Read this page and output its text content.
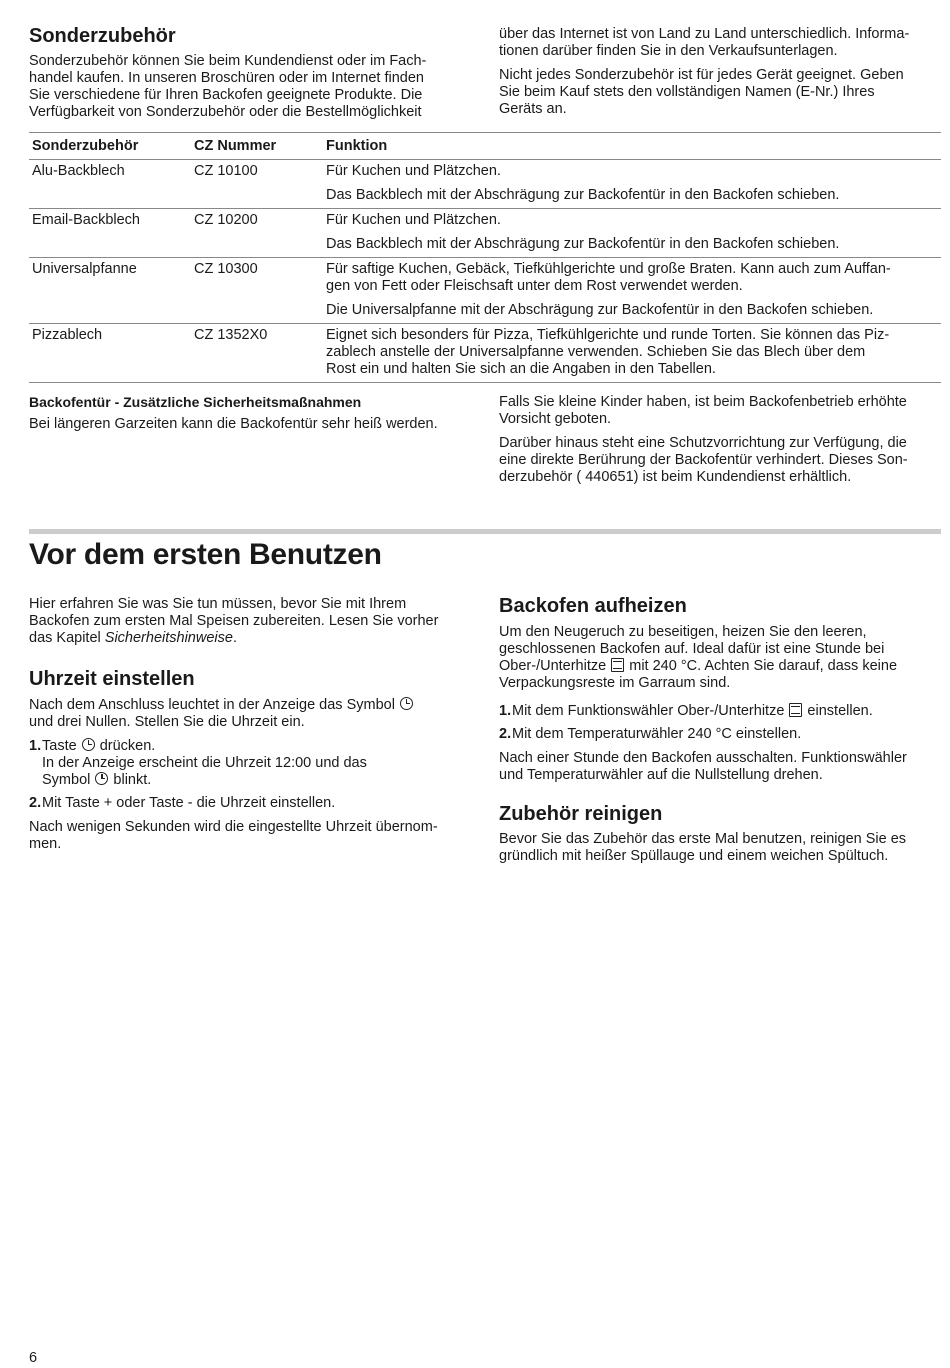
Sonderzubehör

Sonderzubehör können Sie beim Kundendienst oder im Fach-
handel kaufen. In unseren Broschüren oder im Internet finden
Sie verschiedene für Ihren Backofen geeignete Produkte. Die
Verfügbarkeit von Sonderzubehör oder die Bestellmöglichkeit

über das Internet ist von Land zu Land unterschiedlich. Informa-
tionen darüber finden Sie in den Verkaufsunterlagen.

Nicht jedes Sonderzubehör ist für jedes Gerät geeignet. Geben
Sie beim Kauf stets den vollständigen Namen (E-Nr.) Ihres
Geräts an.

Sonderzubehör	CZ Nummer	Funktion
Alu-Backblech	CZ 10100	Für Kuchen und Plätzchen.

Das Backblech mit der Abschrägung zur Backofentür in den Backofen schieben.

Email-Backblech	CZ 10200	Für Kuchen und Plätzchen.

Das Backblech mit der Abschrägung zur Backofentür in den Backofen schieben.

Universalpfanne	CZ 10300	Für saftige Kuchen, Gebäck, Tiefkühlgerichte und große Braten. Kann auch zum Auffan-
gen von Fett oder Fleischsaft unter dem Rost verwendet werden.

Die Universalpfanne mit der Abschrägung zur Backofentür in den Backofen schieben.

Pizzablech	CZ 1352X0	Eignet sich besonders für Pizza, Tiefkühlgerichte und runde Torten. Sie können das Piz-
zablech anstelle der Universalpfanne verwenden. Schieben Sie das Blech über dem
Rost ein und halten Sie sich an die Angaben in den Tabellen.

Backofentür - Zusätzliche Sicherheitsmaßnahmen

Bei längeren Garzeiten kann die Backofentür sehr heiß werden.

Falls Sie kleine Kinder haben, ist beim Backofenbetrieb erhöhte
Vorsicht geboten.

Darüber hinaus steht eine Schutzvorrichtung zur Verfügung, die
eine direkte Berührung der Backofentür verhindert. Dieses Son-
derzubehör ( 440651) ist beim Kundendienst erhältlich.

Vor dem ersten Benutzen

Hier erfahren Sie was Sie tun müssen, bevor Sie mit Ihrem
Backofen zum ersten Mal Speisen zubereiten. Lesen Sie vorher
das Kapitel Sicherheitshinweise.

Uhrzeit einstellen

Nach dem Anschluss leuchtet in der Anzeige das Symbol
und drei Nullen. Stellen Sie die Uhrzeit ein.

1. Taste  drücken.
In der Anzeige erscheint die Uhrzeit 12:00 und das
Symbol  blinkt.
2. Mit Taste + oder Taste - die Uhrzeit einstellen.

Nach wenigen Sekunden wird die eingestellte Uhrzeit übernom-
men.

Backofen aufheizen

Um den Neugeruch zu beseitigen, heizen Sie den leeren,
geschlossenen Backofen auf. Ideal dafür ist eine Stunde bei
Ober-/Unterhitze  mit 240 °C. Achten Sie darauf, dass keine
Verpackungsreste im Garraum sind.

1. Mit dem Funktionswähler Ober-/Unterhitze  einstellen.
2. Mit dem Temperaturwähler 240 °C einstellen.

Nach einer Stunde den Backofen ausschalten. Funktionswähler
und Temperaturwähler auf die Nullstellung drehen.

Zubehör reinigen

Bevor Sie das Zubehör das erste Mal benutzen, reinigen Sie es
gründlich mit heißer Spüllauge und einem weichen Spültuch.

6
